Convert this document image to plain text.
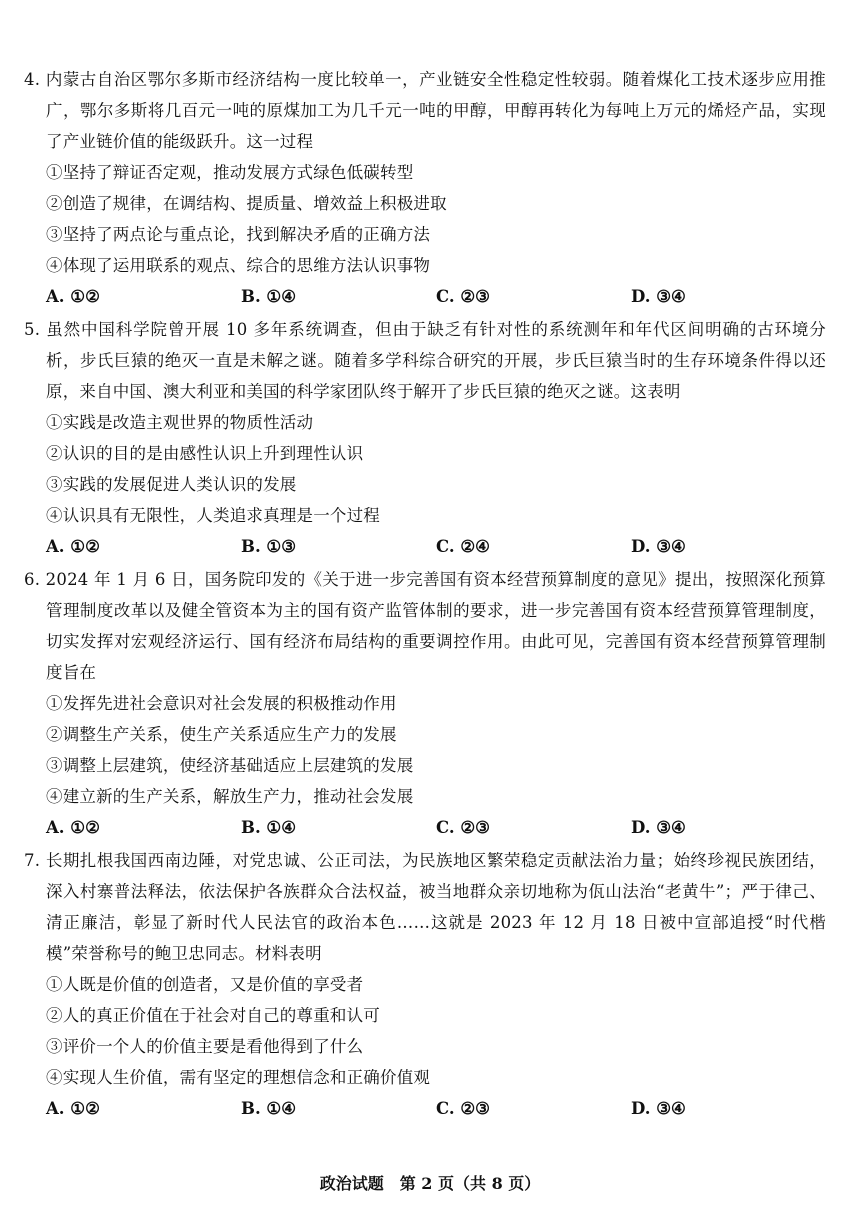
4. 内蒙古自治区鄂尔多斯市经济结构一度比较单一，产业链安全性稳定性较弱。随着煤化工技术逐步应用推广，鄂尔多斯将几百元一吨的原煤加工为几千元一吨的甲醇，甲醇再转化为每吨上万元的烯烃产品，实现了产业链价值的能级跃升。这一过程

①坚持了辩证否定观，推动发展方式绿色低碳转型

②创造了规律，在调结构、提质量、增效益上积极进取

③坚持了两点论与重点论，找到解决矛盾的正确方法

④体现了运用联系的观点、综合的思维方法认识事物

A. ①②	B. ①④	C. ②③	D. ③④

5. 虽然中国科学院曾开展 10 多年系统调查，但由于缺乏有针对性的系统测年和年代区间明确的古环境分析，步氏巨猿的绝灭一直是未解之谜。随着多学科综合研究的开展，步氏巨猿当时的生存环境条件得以还原，来自中国、澳大利亚和美国的科学家团队终于解开了步氏巨猿的绝灭之谜。这表明

①实践是改造主观世界的物质性活动

②认识的目的是由感性认识上升到理性认识

③实践的发展促进人类认识的发展

④认识具有无限性，人类追求真理是一个过程

A. ①②	B. ①③	C. ②④	D. ③④

6. 2024 年 1 月 6 日，国务院印发的《关于进一步完善国有资本经营预算制度的意见》提出，按照深化预算管理制度改革以及健全管资本为主的国有资产监管体制的要求，进一步完善国有资本经营预算管理制度，切实发挥对宏观经济运行、国有经济布局结构的重要调控作用。由此可见，完善国有资本经营预算管理制度旨在

①发挥先进社会意识对社会发展的积极推动作用

②调整生产关系，使生产关系适应生产力的发展

③调整上层建筑，使经济基础适应上层建筑的发展

④建立新的生产关系，解放生产力，推动社会发展

A. ①②	B. ①④	C. ②③	D. ③④

7. 长期扎根我国西南边陲，对党忠诚、公正司法，为民族地区繁荣稳定贡献法治力量；始终珍视民族团结，深入村寨普法释法，依法保护各族群众合法权益，被当地群众亲切地称为佤山法治“老黄牛”；严于律己、清正廉洁，彰显了新时代人民法官的政治本色……这就是 2023 年 12 月 18 日被中宣部追授“时代楷模”荣誉称号的鲍卫忠同志。材料表明

①人既是价值的创造者，又是价值的享受者

②人的真正价值在于社会对自己的尊重和认可

③评价一个人的价值主要是看他得到了什么

④实现人生价值，需有坚定的理想信念和正确价值观

A. ①②	B. ①④	C. ②③	D. ③④
政治试题　第 2 页（共 8 页）
